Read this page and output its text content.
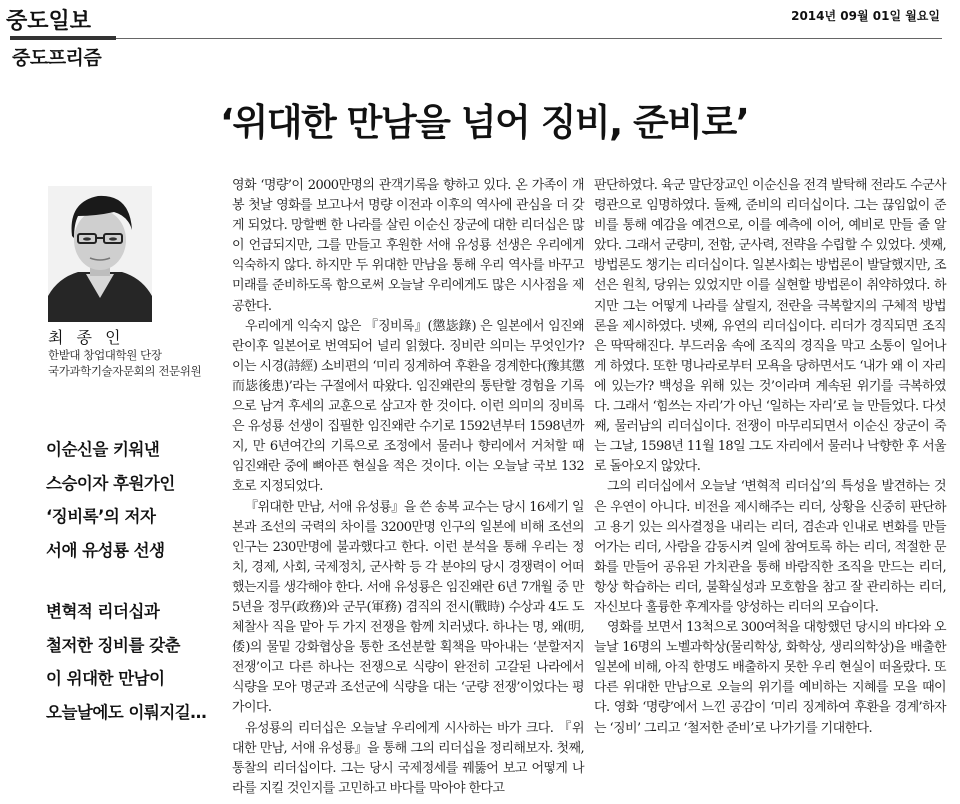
중도일보	2014년 09월 01일 월요일
중도프리즘
‘위대한 만남을 넘어 징비, 준비로’
최 종 인
한밭대 창업대학원 단장
국가과학기술자문회의 전문위원
이순신을 키워낸
스승이자 후원가인
‘징비록’의 저자
서애 유성룡 선생
변혁적 리더십과
철저한 징비를 갖춘
이 위대한 만남이
오늘날에도 이뤄지길…

영화 ‘명량’이 2000만명의 관객기록을 향하고 있다. 온 가족이 개봉 첫날 영화를 보고나서 명량 이전과 이후의 역사에 관심을 더 갖게 되었다. 망할뻔 한 나라를 살린 이순신 장군에 대한 리더십은 많이 언급되지만, 그를 만들고 후원한 서애 유성룡 선생은 우리에게 익숙하지 않다. 하지만 두 위대한 만남을 통해 우리 역사를 바꾸고 미래를 준비하도록 함으로써 오늘날 우리에게도 많은 시사점을 제공한다.

우리에게 익숙지 않은 『징비록』(懲毖錄) 은 일본에서 임진왜란이후 일본어로 번역되어 널리 읽혔다. 징비란 의미는 무엇인가? 이는 시경(詩經) 소비편의 ‘미리 징계하여 후환을 경계한다(豫其懲而毖後患)’라는 구절에서 따왔다. 임진왜란의 통탄할 경험을 기록으로 남겨 후세의 교훈으로 삼고자 한 것이다. 이런 의미의 징비록은 유성룡 선생이 집필한 임진왜란 수기로 1592년부터 1598년까지, 만 6년여간의 기록으로 조정에서 물러나 향리에서 거처할 때 임진왜란 중에 뼈아픈 현실을 적은 것이다. 이는 오늘날 국보 132호로 지정되었다.

『위대한 만남, 서애 유성룡』을 쓴 송복 교수는 당시 16세기 일본과 조선의 국력의 차이를 3200만명 인구의 일본에 비해 조선의 인구는 230만명에 불과했다고 한다. 이런 분석을 통해 우리는 정치, 경제, 사회, 국제정치, 군사학 등 각 분야의 당시 경쟁력이 어떠했는지를 생각해야 한다. 서애 유성룡은 임진왜란 6년 7개월 중 만 5년을 정무(政務)와 군무(軍務) 겸직의 전시(戰時) 수상과 4도 도체찰사 직을 맡아 두 가지 전쟁을 함께 치러냈다. 하나는 명, 왜(明, 倭)의 물밑 강화협상을 통한 조선분할 획책을 막아내는 ‘분할저지 전쟁’이고 다른 하나는 전쟁으로 식량이 완전히 고갈된 나라에서 식량을 모아 명군과 조선군에 식량을 대는 ‘군량 전쟁’이었다는 평가이다.

유성룡의 리더십은 오늘날 우리에게 시사하는 바가 크다. 『위대한 만남, 서애 유성룡』을 통해 그의 리더십을 정리해보자. 첫째, 통찰의 리더십이다. 그는 당시 국제정세를 꿰뚫어 보고 어떻게 나라를 지킬 것인지를 고민하고 바다를 막아야 한다고

판단하였다. 육군 말단장교인 이순신을 전격 발탁해 전라도 수군사령관으로 임명하였다. 둘째, 준비의 리더십이다. 그는 끊임없이 준비를 통해 예감을 예견으로, 이를 예측에 이어, 예비로 만들 줄 알았다. 그래서 군량미, 전함, 군사력, 전략을 수립할 수 있었다. 셋째, 방법론도 챙기는 리더십이다. 일본사회는 방법론이 발달했지만, 조선은 원칙, 당위는 있었지만 이를 실현할 방법론이 취약하였다. 하지만 그는 어떻게 나라를 살릴지, 전란을 극복할지의 구체적 방법론을 제시하였다. 넷째, 유연의 리더십이다. 리더가 경직되면 조직은 딱딱해진다. 부드러움 속에 조직의 경직을 막고 소통이 일어나게 하였다. 또한 명나라로부터 모욕을 당하면서도 ‘내가 왜 이 자리에 있는가? 백성을 위해 있는 것’이라며 계속된 위기를 극복하였다. 그래서 ‘힘쓰는 자리’가 아닌 ‘일하는 자리’로 늘 만들었다. 다섯째, 물러남의 리더십이다. 전쟁이 마무리되면서 이순신 장군이 죽는 그날, 1598년 11월 18일 그도 자리에서 물러나 낙향한 후 서울로 돌아오지 않았다.

그의 리더십에서 오늘날 ‘변혁적 리더십’의 특성을 발견하는 것은 우연이 아니다. 비전을 제시해주는 리더, 상황을 신중히 판단하고 용기 있는 의사결정을 내리는 리더, 겸손과 인내로 변화를 만들어가는 리더, 사람을 감동시켜 일에 참여토록 하는 리더, 적절한 문화를 만들어 공유된 가치관을 통해 바람직한 조직을 만드는 리더, 항상 학습하는 리더, 불확실성과 모호함을 참고 잘 관리하는 리더, 자신보다 훌륭한 후계자를 양성하는 리더의 모습이다.

영화를 보면서 13척으로 300여척을 대항했던 당시의 바다와 오늘날 16명의 노벨과학상(물리학상, 화학상, 생리의학상)을 배출한 일본에 비해, 아직 한명도 배출하지 못한 우리 현실이 떠올랐다. 또 다른 위대한 만남으로 오늘의 위기를 예비하는 지혜를 모을 때이다. 영화 ‘명량’에서 느낀 공감이 ‘미리 징계하여 후환을 경계’하자는 ‘징비’ 그리고 ‘철저한 준비’로 나가기를 기대한다.
